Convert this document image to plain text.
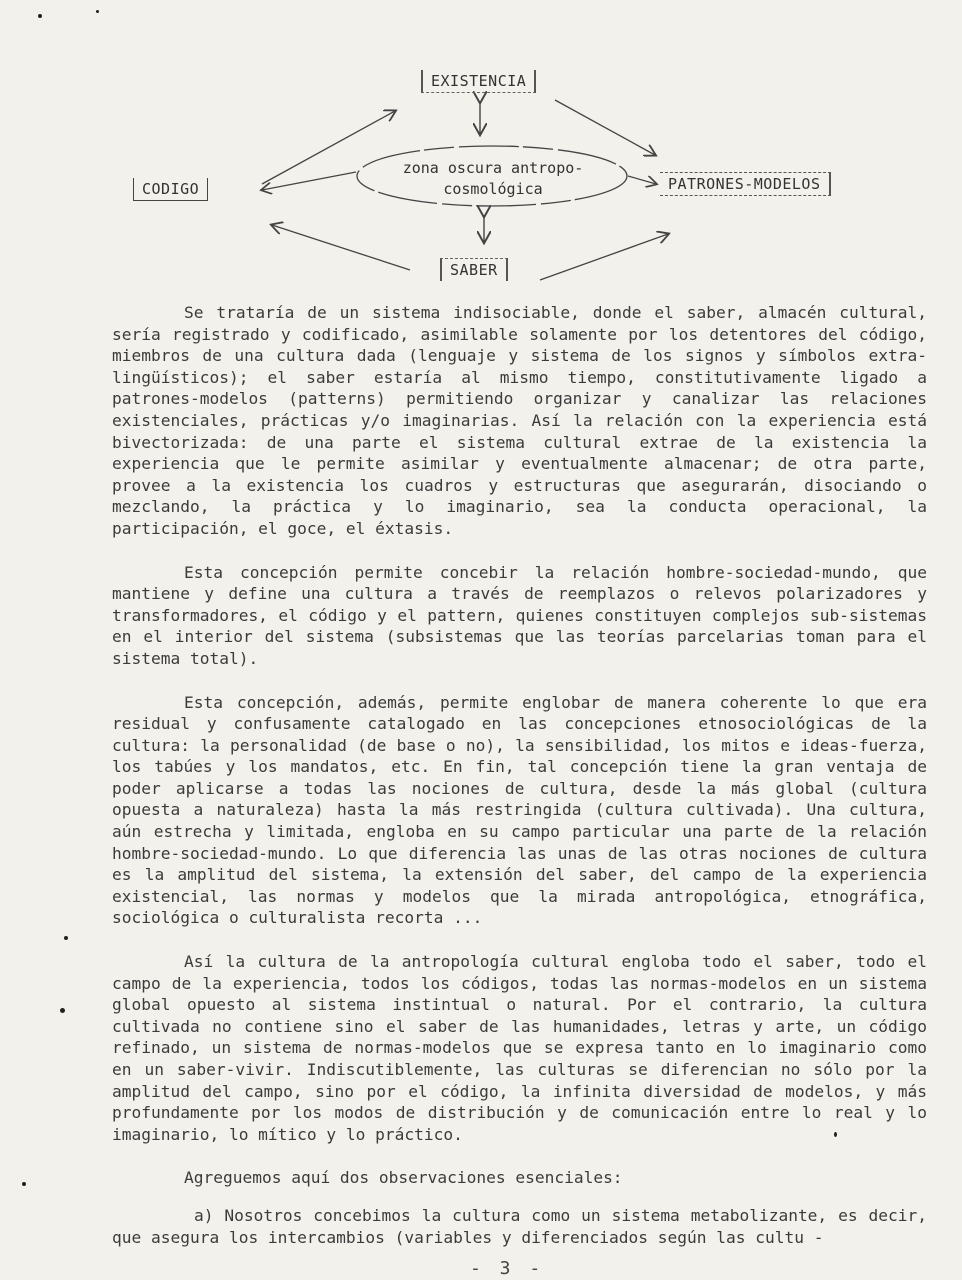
EXISTENCIA
CODIGO	PATRONES-MODELOS
SABER
zona oscura antropo-
cosmológica

Se trataría de un sistema indisociable, donde el saber, almacén cultural, sería registrado y codificado, asimilable solamente por los detentores del código, miembros de una cultura dada (lenguaje y sistema de los signos y símbolos extra-lingüísticos); el saber estaría al mismo tiempo, constitutivamente ligado a patrones-modelos (patterns) permitiendo organizar y canalizar las relaciones existenciales, prácticas y/o imaginarias. Así la relación con la experiencia está bivectorizada: de una parte el sistema cultural extrae de la existencia la experiencia que le permite asimilar y eventualmente almacenar; de otra parte, provee a la existencia los cuadros y estructuras que asegurarán, disociando o mezclando, la práctica y lo imaginario, sea la conducta operacional, la participación, el goce, el éxtasis.

Esta concepción permite concebir la relación hombre-sociedad-mundo, que mantiene y define una cultura a través de reemplazos o relevos polarizadores y transformadores, el código y el pattern, quienes constituyen complejos sub-sistemas en el interior del sistema (subsistemas que las teorías parcelarias toman para el sistema total).

Esta concepción, además, permite englobar de manera coherente lo que era residual y confusamente catalogado en las concepciones etnosociológicas de la cultura: la personalidad (de base o no), la sensibilidad, los mitos e ideas-fuerza, los tabúes y los mandatos, etc. En fin, tal concepción tiene la gran ventaja de poder aplicarse a todas las nociones de cultura, desde la más global (cultura opuesta a naturaleza) hasta la más restringida (cultura cultivada). Una cultura, aún estrecha y limitada, engloba en su campo particular una parte de la relación hombre-sociedad-mundo. Lo que diferencia las unas de las otras nociones de cultura es la amplitud del sistema, la extensión del saber, del campo de la experiencia existencial, las normas y modelos que la mirada antropológica, etnográfica, sociológica o culturalista recorta ...

Así la cultura de la antropología cultural engloba todo el saber, todo el campo de la experiencia, todos los códigos, todas las normas-modelos en un sistema global opuesto al sistema instintual o natural. Por el contrario, la cultura cultivada no contiene sino el saber de las humanidades, letras y arte, un código refinado, un sistema de normas-modelos que se expresa tanto en lo imaginario como en un saber-vivir. Indiscutiblemente, las culturas se diferencian no sólo por la amplitud del campo, sino por el código, la infinita diversidad de modelos, y más profundamente por los modos de distribución y de comunicación entre lo real y lo imaginario, lo mítico y lo práctico.

Agreguemos aquí dos observaciones esenciales:

a) Nosotros concebimos la cultura como un sistema metabolizante, es decir, que asegura los intercambios (variables y diferenciados según las cultu -

- 3 -
